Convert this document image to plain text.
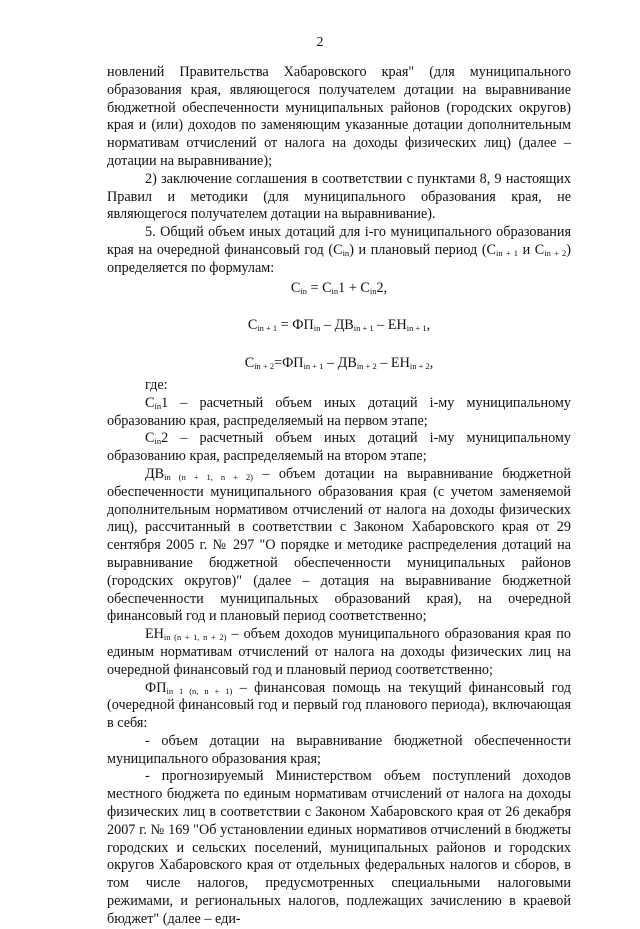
2

новлений Правительства Хабаровского края" (для муниципального образования края, являющегося получателем дотации на выравнивание бюджетной обеспеченности муниципальных районов (городских округов) края и (или) доходов по заменяющим указанные дотации дополнительным нормативам отчислений от налога на доходы физических лиц) (далее – дотации на выравнивание);

2) заключение соглашения в соответствии с пунктами 8, 9 настоящих Правил и методики (для муниципального образования края, не являющегося получателем дотации на выравнивание).

5. Общий объем иных дотаций для i-го муниципального образования края на очередной финансовый год $(C_{in})$ и плановый период ($C_{in + 1}$ и $C_{in + 2}$) определяется по формулам:

$C_{in} = C_{in}1 + C_{in}2$,

$C_{in + 1} = ФП_{in} - ДВ_{in + 1} - ЕН_{in + 1}$,

$C_{in + 2}=ФП_{in + 1} - ДВ_{in + 2} - ЕН_{in + 2}$,

где:

$C_{in}1$ – расчетный объем иных дотаций i-му муниципальному образованию края, распределяемый на первом этапе;

$C_{in}2$ – расчетный объем иных дотаций i-му муниципальному образованию края, распределяемый на втором этапе;

$ДВ_{in (n + 1, n + 2)}$ – объем дотации на выравнивание бюджетной обеспеченности муниципального образования края (с учетом заменяемой дополнительным нормативом отчислений от налога на доходы физических лиц), рассчитанный в соответствии с Законом Хабаровского края от 29 сентября 2005 г. № 297 "О порядке и методике распределения дотаций на выравнивание бюджетной обеспеченности муниципальных районов (городских округов)" (далее – дотация на выравнивание бюджетной обеспеченности муниципальных образований края), на очередной финансовый год и плановый период соответственно;

$ЕН_{in (n + 1, n + 2)}$ – объем доходов муниципального образования края по единым нормативам отчислений от налога на доходы физических лиц на очередной финансовый год и плановый период соответственно;

$ФП_{in 1 (n, n + 1)}$ – финансовая помощь на текущий финансовый год (очередной финансовый год и первый год планового периода), включающая в себя:

- объем дотации на выравнивание бюджетной обеспеченности муниципального образования края;

- прогнозируемый Министерством объем поступлений доходов местного бюджета по единым нормативам отчислений от налога на доходы физических лиц в соответствии с Законом Хабаровского края от 26 декабря 2007 г. № 169 "Об установлении единых нормативов отчислений в бюджеты городских и сельских поселений, муниципальных районов и городских округов Хабаровского края от отдельных федеральных налогов и сборов, в том числе налогов, предусмотренных специальными налоговыми режимами, и региональных налогов, подлежащих зачислению в краевой бюджет" (далее – еди-
